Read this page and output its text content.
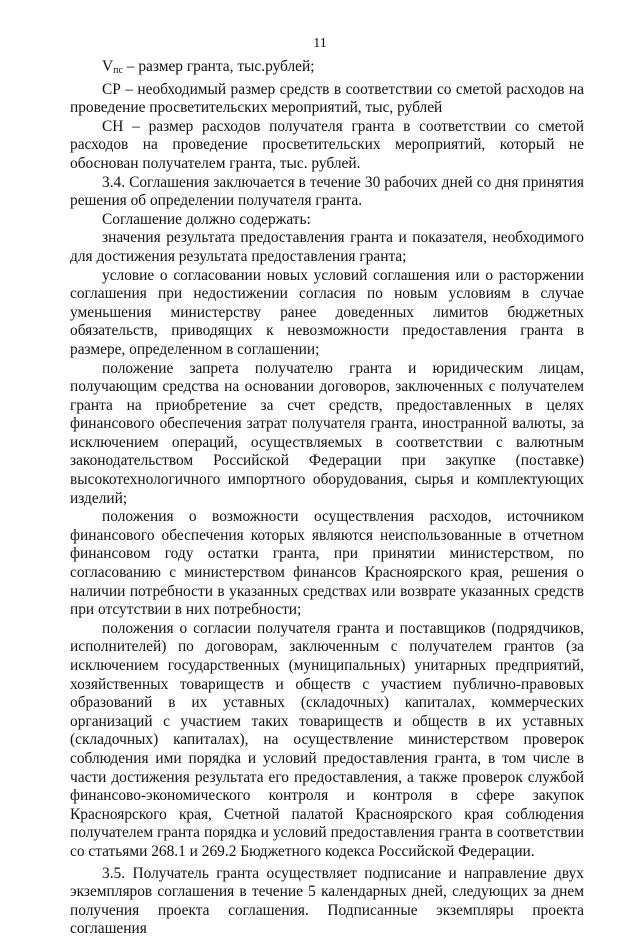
11

$V_{пс}$ – размер гранта, тыс.рублей;

СР – необходимый размер средств в соответствии со сметой расходов на проведение просветительских мероприятий, тыс, рублей

СН – размер расходов получателя гранта в соответствии со сметой расходов на проведение просветительских мероприятий, который не обоснован получателем гранта, тыс. рублей.

3.4. Соглашения заключается в течение 30 рабочих дней со дня принятия решения об определении получателя гранта.

Соглашение должно содержать:

значения результата предоставления гранта и показателя, необходимого для достижения результата предоставления гранта;

условие о согласовании новых условий соглашения или о расторжении соглашения при недостижении согласия по новым условиям в случае уменьшения министерству ранее доведенных лимитов бюджетных обязательств, приводящих к невозможности предоставления гранта в размере, определенном в соглашении;

положение запрета получателю гранта и юридическим лицам, получающим средства на основании договоров, заключенных с получателем гранта на приобретение за счет средств, предоставленных в целях финансового обеспечения затрат получателя гранта, иностранной валюты, за исключением операций, осуществляемых в соответствии с валютным законодательством Российской Федерации при закупке (поставке) высокотехнологичного импортного оборудования, сырья и комплектующих изделий;

положения о возможности осуществления расходов, источником финансового обеспечения которых являются неиспользованные в отчетном финансовом году остатки гранта, при принятии министерством, по согласованию с министерством финансов Красноярского края, решения о наличии потребности в указанных средствах или возврате указанных средств при отсутствии в них потребности;

положения о согласии получателя гранта и поставщиков (подрядчиков, исполнителей) по договорам, заключенным с получателем грантов (за исключением государственных (муниципальных) унитарных предприятий, хозяйственных товариществ и обществ с участием публично-правовых образований в их уставных (складочных) капиталах, коммерческих организаций с участием таких товариществ и обществ в их уставных (складочных) капиталах), на осуществление министерством проверок соблюдения ими порядка и условий предоставления гранта, в том числе в части достижения результата его предоставления, а также проверок службой финансово-экономического контроля и контроля в сфере закупок Красноярского края, Счетной палатой Красноярского края соблюдения получателем гранта порядка и условий предоставления гранта в соответствии со статьями 268.1 и 269.2 Бюджетного кодекса Российской Федерации.

3.5. Получатель гранта осуществляет подписание и направление двух экземпляров соглашения в течение 5 календарных дней, следующих за днем получения проекта соглашения. Подписанные экземпляры проекта соглашения
